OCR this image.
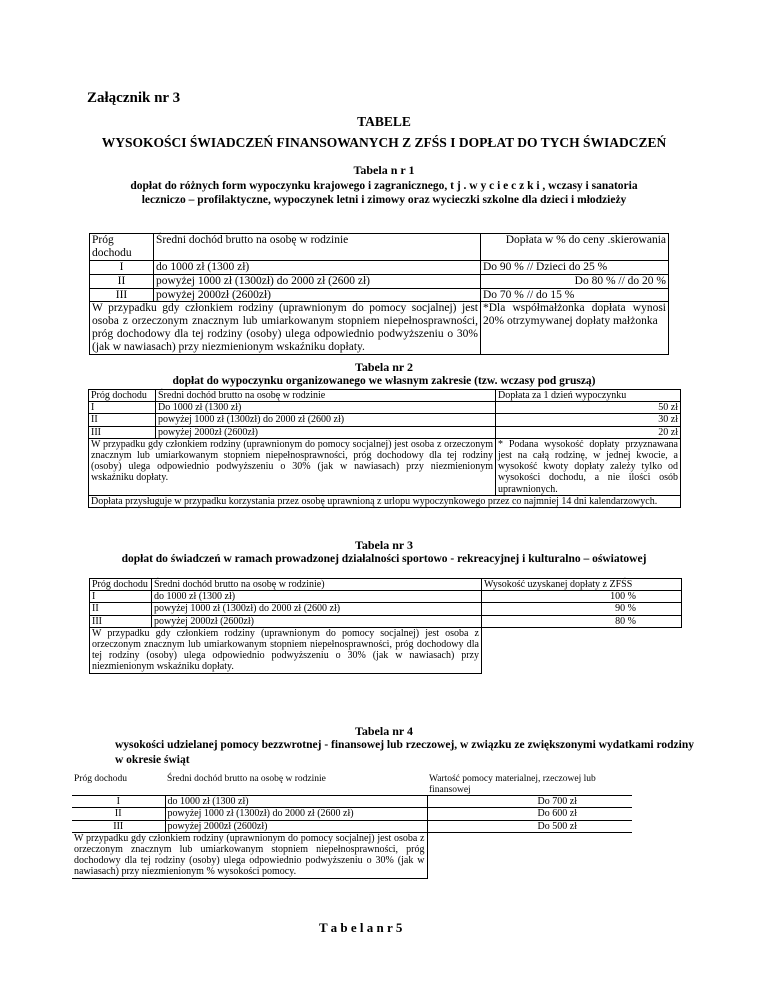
Załącznik nr 3
TABELE
WYSOKOŚCI ŚWIADCZEŃ FINANSOWANYCH Z ZFŚS I DOPŁAT DO TYCH ŚWIADCZEŃ
Tabela n r 1
dopłat do różnych form wypoczynku krajowego i zagranicznego, t j . w y c i e c z k i , wczasy i sanatoria leczniczo – profilaktyczne, wypoczynek letni i zimowy oraz wycieczki szkolne dla dzieci i młodzieży
Próg dochodu	Średni dochód brutto na osobę w rodzinie	Dopłata w % do ceny .skierowania
I	do 1000 zł (1300 zł)	Do 90 % // Dzieci do 25 %
II	powyżej 1000 zł (1300zł) do 2000 zł (2600 zł)	Do 80 % // do 20 %
III	powyżej 2000zł (2600zł)	Do 70 % // do 15 %
W przypadku gdy członkiem rodziny (uprawnionym do pomocy socjalnej) jest osoba z orzeczonym znacznym lub umiarkowanym stopniem niepełnosprawności, próg dochodowy dla tej rodziny (osoby) ulega odpowiednio podwyższeniu o 30% (jak w nawiasach) przy niezmienionym wskaźniku dopłaty.		*Dla współmałżonka dopłata wynosi 20% otrzymywanej dopłaty małżonka
Tabela nr 2
dopłat do wypoczynku organizowanego we własnym zakresie (tzw. wczasy pod gruszą)
Próg dochodu	Średni dochód brutto na osobę w rodzinie	Dopłata za 1 dzień wypoczynku
I	Do 1000 zł (1300 zł)	50 zł
II	powyżej 1000 zł (1300zł) do 2000 zł (2600 zł)	30 zł
III	powyżej 2000zł (2600zł)	20 zł
W przypadku gdy członkiem rodziny (uprawnionym do pomocy socjalnej) jest osoba z orzeczonym znacznym lub umiarkowanym stopniem niepełnosprawności, próg dochodowy dla tej rodziny (osoby) ulega odpowiednio podwyższeniu o 30% (jak w nawiasach) przy niezmienionym wskaźniku dopłaty.		* Podana wysokość dopłaty przyznawana jest na całą rodzinę, w jednej kwocie, a wysokość kwoty dopłaty zależy tylko od wysokości dochodu, a nie ilości osób uprawnionych.
Dopłata przysługuje w przypadku korzystania przez osobę uprawnioną z urlopu wypoczynkowego przez co najmniej 14 dni kalendarzowych.		
Tabela nr 3
dopłat do świadczeń w ramach prowadzonej działalności sportowo - rekreacyjnej i kulturalno – oświatowej
Próg dochodu	Średni dochód brutto na osobę w rodzinie)	Wysokość uzyskanej dopłaty z ZFŚS
I	do 1000 zł (1300 zł)	100 %
II	powyżej 1000 zł (1300zł) do 2000 zł (2600 zł)	90 %
III	powyżej 2000zł (2600zł)	80 %
W przypadku gdy członkiem rodziny (uprawnionym do pomocy socjalnej) jest osoba z orzeczonym znacznym lub umiarkowanym stopniem niepełnosprawności, próg dochodowy dla tej rodziny (osoby) ulega odpowiednio podwyższeniu o 30% (jak w nawiasach) przy niezmienionym wskaźniku dopłaty.		
Tabela nr 4
wysokości udzielanej pomocy bezzwrotnej - finansowej lub rzeczowej, w związku ze zwiększonymi wydatkami rodziny w okresie świąt
Próg dochodu	Średni dochód brutto na osobę w rodzinie	Wartość pomocy materialnej, rzeczowej lub finansowej
I	do 1000 zł (1300 zł)	Do 700 zł
II	powyżej 1000 zł (1300zł) do 2000 zł (2600 zł)	Do 600 zł
III	powyżej 2000zł (2600zł)	Do 500 zł
W przypadku gdy członkiem rodziny (uprawnionym do pomocy socjalnej) jest osoba z orzeczonym znacznym lub umiarkowanym stopniem niepełnosprawności, próg dochodowy dla tej rodziny (osoby) ulega odpowiednio podwyższeniu o 30% (jak w nawiasach) przy niezmienionym % wysokości pomocy.		
T a b e l a n r 5
